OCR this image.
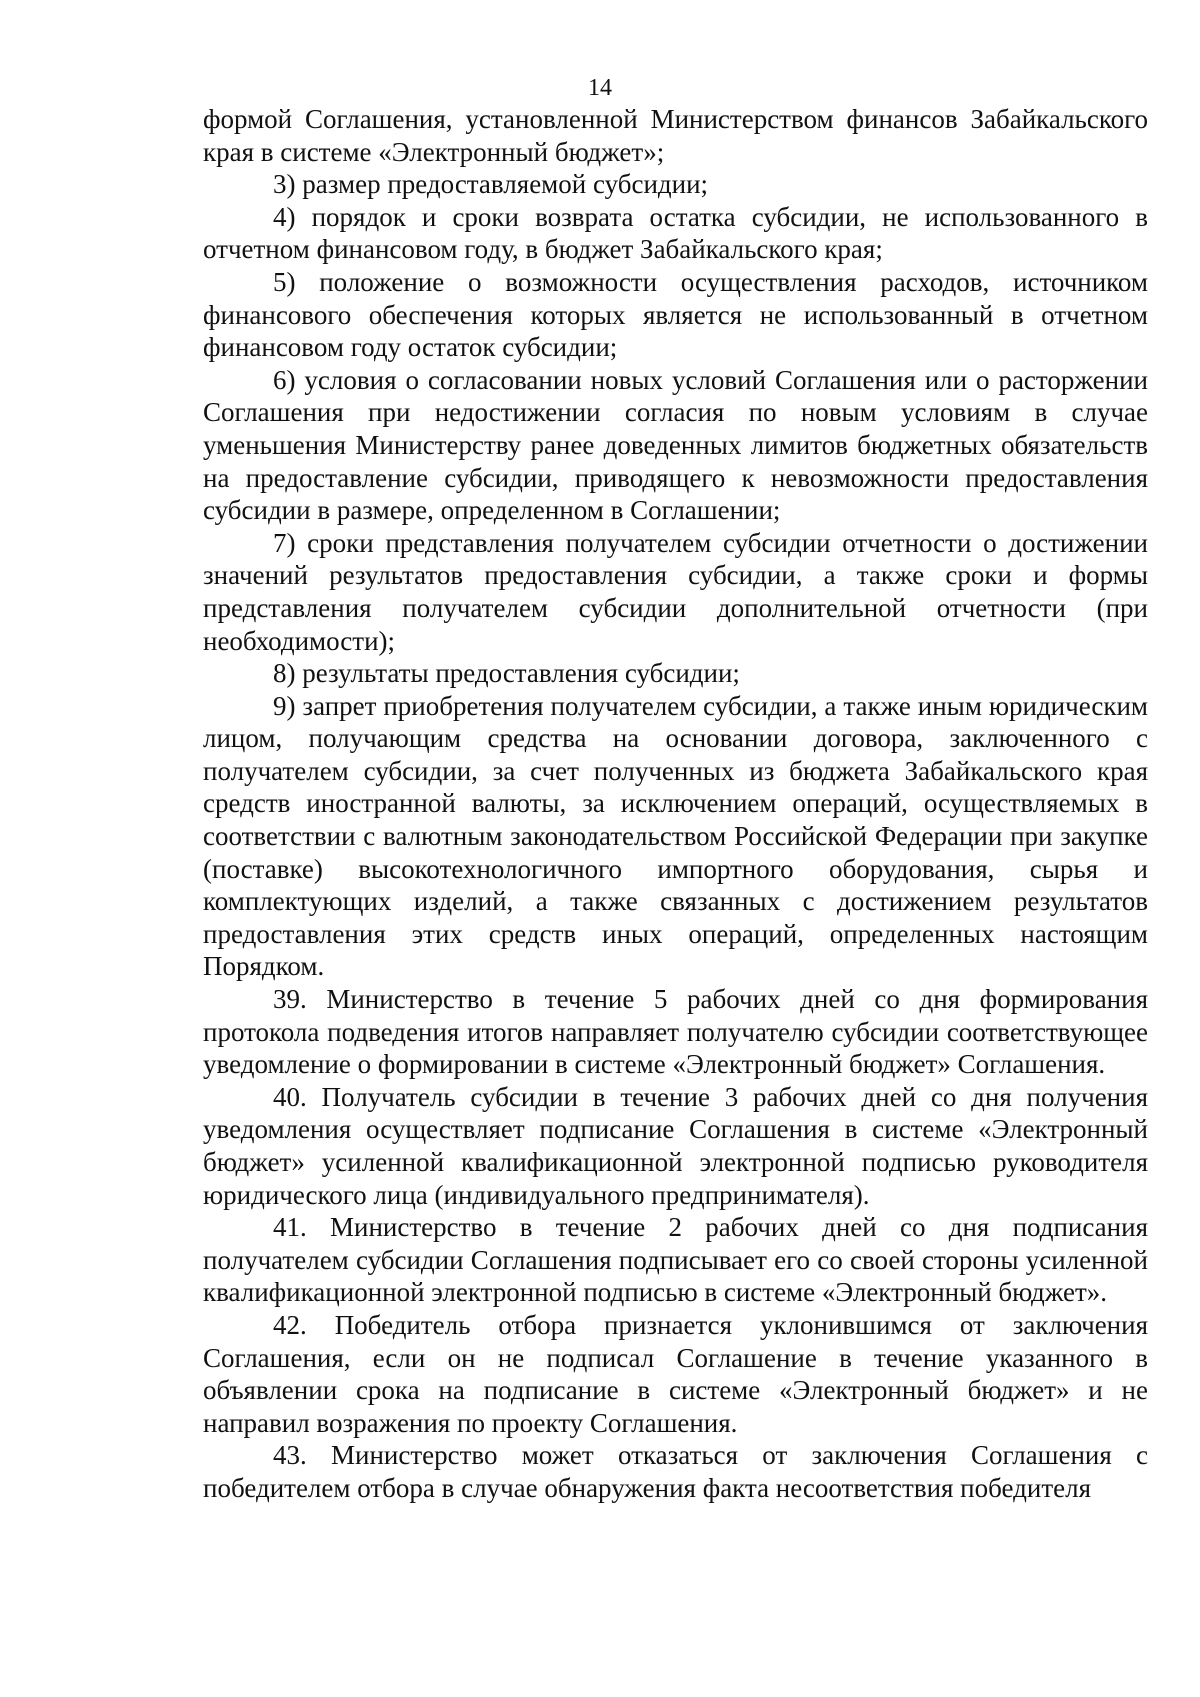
14

формой Соглашения, установленной Министерством финансов Забайкальского края в системе «Электронный бюджет»;

3) размер предоставляемой субсидии;

4) порядок и сроки возврата остатка субсидии, не использованного в отчетном финансовом году, в бюджет Забайкальского края;

5) положение о возможности осуществления расходов, источником финансового обеспечения которых является не использованный в отчетном финансовом году остаток субсидии;

6) условия о согласовании новых условий Соглашения или о расторжении Соглашения при недостижении согласия по новым условиям в случае уменьшения Министерству ранее доведенных лимитов бюджетных обязательств на предоставление субсидии, приводящего к невозможности предоставления субсидии в размере, определенном в Соглашении;

7) сроки представления получателем субсидии отчетности о достижении значений результатов предоставления субсидии, а также сроки и формы представления получателем субсидии дополнительной отчетности (при необходимости);

8) результаты предоставления субсидии;

9) запрет приобретения получателем субсидии, а также иным юридическим лицом, получающим средства на основании договора, заключенного с получателем субсидии, за счет полученных из бюджета Забайкальского края средств иностранной валюты, за исключением операций, осуществляемых в соответствии с валютным законодательством Российской Федерации при закупке (поставке) высокотехнологичного импортного оборудования, сырья и комплектующих изделий, а также связанных с достижением результатов предоставления этих средств иных операций, определенных настоящим Порядком.

39. Министерство в течение 5 рабочих дней со дня формирования протокола подведения итогов направляет получателю субсидии соответствующее уведомление о формировании в системе «Электронный бюджет» Соглашения.

40. Получатель субсидии в течение 3 рабочих дней со дня получения уведомления осуществляет подписание Соглашения в системе «Электронный бюджет» усиленной квалификационной электронной подписью руководителя юридического лица (индивидуального предпринимателя).

41. Министерство в течение 2 рабочих дней со дня подписания получателем субсидии Соглашения подписывает его со своей стороны усиленной квалификационной электронной подписью в системе «Электронный бюджет».

42. Победитель отбора признается уклонившимся от заключения Соглашения, если он не подписал Соглашение в течение указанного в объявлении срока на подписание в системе «Электронный бюджет» и не направил возражения по проекту Соглашения.

43. Министерство может отказаться от заключения Соглашения с победителем отбора в случае обнаружения факта несоответствия победителя
